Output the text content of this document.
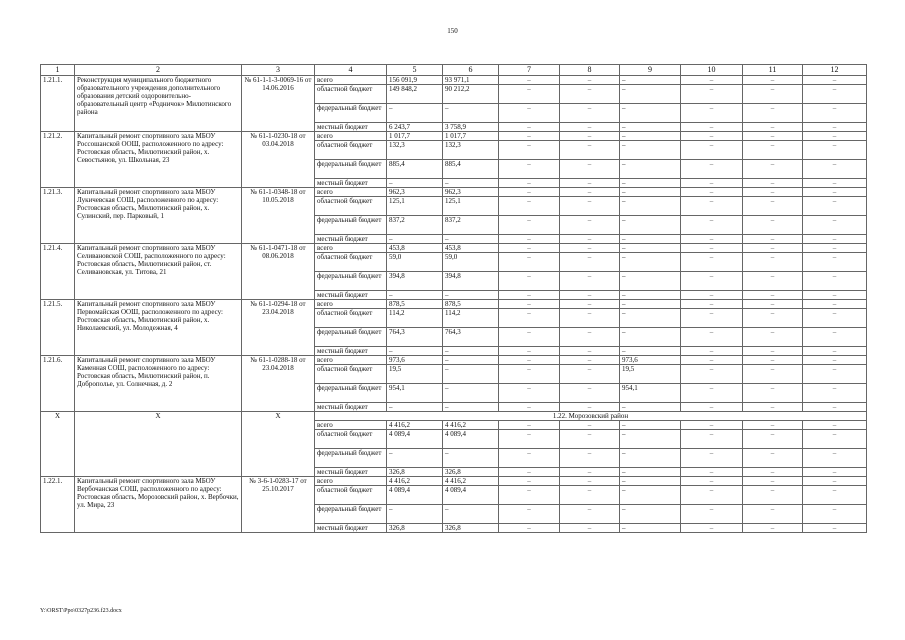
150
1	2	3	4	5	6	7	8	9	10	11	12
1.21.1.	Реконструкция муниципального бюджетного образовательного учреждения дополнительного образования детский оздоровительно-образовательный центр «Родничок» Милютинского района	№ 61-1-1-3-0069-16 от 14.06.2016	всего	156 091,9	93 971,1	–	–	–	–	–	–
			областной бюджет	149 848,2	90 212,2	–	–	–	–	–	–
			федеральный бюджет	–	–	–	–	–	–	–	–
			местный бюджет	6 243,7	3 758,9	–	–	–	–	–	–
1.21.2.	Капитальный ремонт спортивного зала МБОУ Россошанской ООШ, расположенного по адресу: Ростовская область, Милютинский район, х. Севостьянов, ул. Школьная, 23	№ 61-1-0230-18 от 03.04.2018	всего	1 017,7	1 017,7	–	–	–	–	–	–
			областной бюджет	132,3	132,3	–	–	–	–	–	–
			федеральный бюджет	885,4	885,4	–	–	–	–	–	–
			местный бюджет	–	–	–	–	–	–	–	–
1.21.3.	Капитальный ремонт спортивного зала МБОУ Лукичевская СОШ, расположенного по адресу: Ростовская область, Милютинский район, х. Сулинский, пер. Парковый, 1	№ 61-1-0348-18 от 10.05.2018	всего	962,3	962,3	–	–	–	–	–	–
			областной бюджет	125,1	125,1	–	–	–	–	–	–
			федеральный бюджет	837,2	837,2	–	–	–	–	–	–
			местный бюджет	–	–	–	–	–	–	–	–
1.21.4.	Капитальный ремонт спортивного зала МБОУ Селивановской СОШ, расположенного по адресу: Ростовская область, Милютинский район, ст. Селивановская, ул. Титова, 21	№ 61-1-0471-18 от 08.06.2018	всего	453,8	453,8	–	–	–	–	–	–
			областной бюджет	59,0	59,0	–	–	–	–	–	–
			федеральный бюджет	394,8	394,8	–	–	–	–	–	–
			местный бюджет	–	–	–	–	–	–	–	–
1.21.5.	Капитальный ремонт спортивного зала МБОУ Первомайская ООШ, расположенного по адресу: Ростовская область, Милютинский район, х. Николаевский, ул. Молодежная, 4	№ 61-1-0294-18 от 23.04.2018	всего	878,5	878,5	–	–	–	–	–	–
			областной бюджет	114,2	114,2	–	–	–	–	–	–
			федеральный бюджет	764,3	764,3	–	–	–	–	–	–
			местный бюджет	–	–	–	–	–	–	–	–
1.21.6.	Капитальный ремонт спортивного зала МБОУ Каменная СОШ, расположенного по адресу: Ростовская область, Милютинский район, п. Доброполье, ул. Солнечная, д. 2	№ 61-1-0288-18 от 23.04.2018	всего	973,6	–	–	–	973,6	–	–	–
			областной бюджет	19,5	–	–	–	19,5	–	–	–
			федеральный бюджет	954,1	–	–	–	954,1	–	–	–
			местный бюджет	–	–	–	–	–	–	–	–
Х	Х	Х	1.22. Морозовский район								
			всего	4 416,2	4 416,2	–	–	–	–	–	–
			областной бюджет	4 089,4	4 089,4	–	–	–	–	–	–
			федеральный бюджет	–	–	–	–	–	–	–	–
			местный бюджет	326,8	326,8	–	–	–	–	–	–
1.22.1.	Капитальный ремонт спортивного зала МБОУ Вербочанская СОШ, расположенного по адресу: Ростовская область, Морозовский район, х. Вербочки, ул. Мира, 23	№ 3-6-1-0283-17 от 25.10.2017	всего	4 416,2	4 416,2	–	–	–	–	–	–
			областной бюджет	4 089,4	4 089,4	–	–	–	–	–	–
			федеральный бюджет	–	–	–	–	–	–	–	–
			местный бюджет	326,8	326,8	–	–	–	–	–	–
Y:\ORST\Ppo\0327p236.f23.docx
